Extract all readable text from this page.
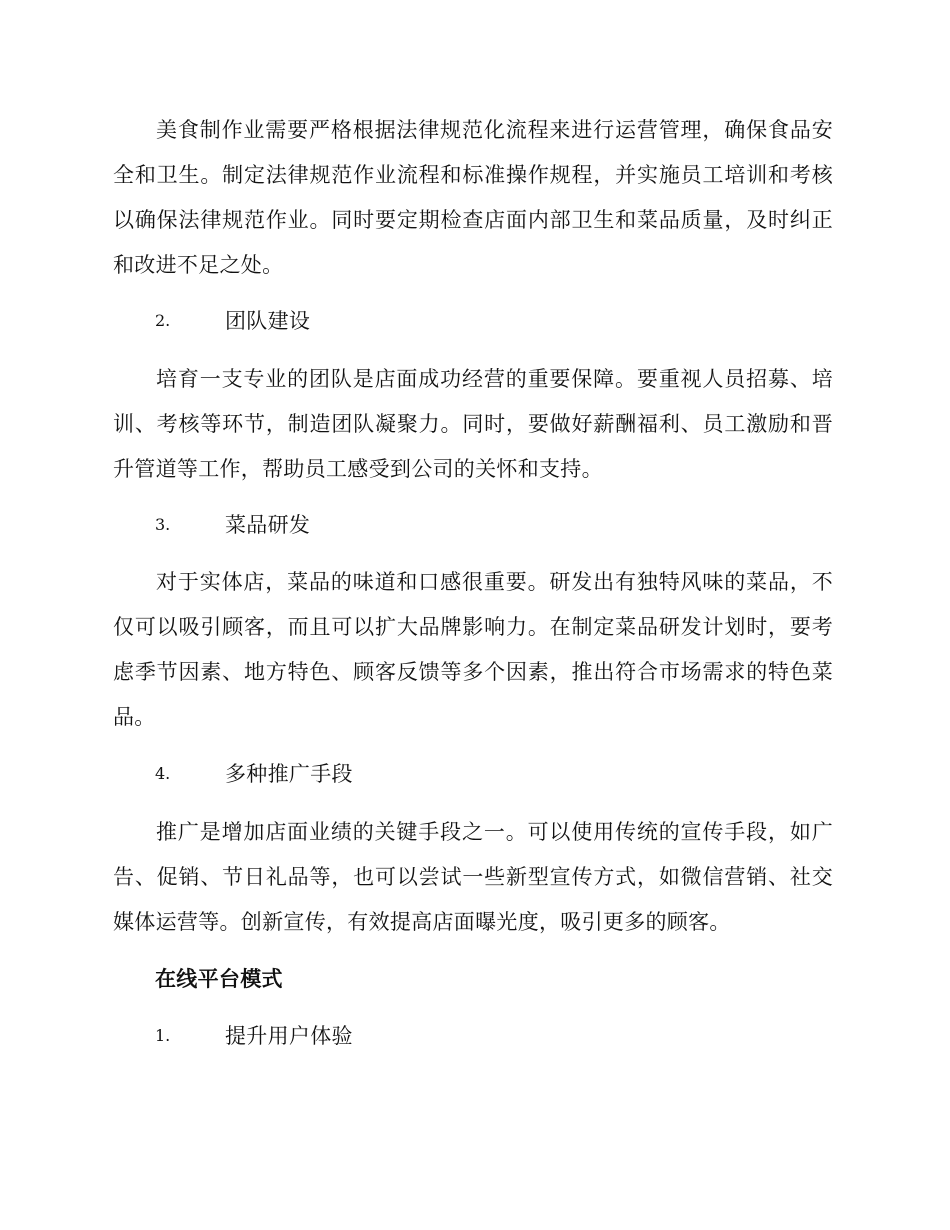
美食制作业需要严格根据法律规范化流程来进行运营管理，确保食品安全和卫生。制定法律规范作业流程和标准操作规程，并实施员工培训和考核以确保法律规范作业。同时要定期检查店面内部卫生和菜品质量，及时纠正和改进不足之处。

2.	团队建设

培育一支专业的团队是店面成功经营的重要保障。要重视人员招募、培训、考核等环节，制造团队凝聚力。同时，要做好薪酬福利、员工激励和晋升管道等工作，帮助员工感受到公司的关怀和支持。

3.	菜品研发

对于实体店，菜品的味道和口感很重要。研发出有独特风味的菜品，不仅可以吸引顾客，而且可以扩大品牌影响力。在制定菜品研发计划时，要考虑季节因素、地方特色、顾客反馈等多个因素，推出符合市场需求的特色菜品。

4.	多种推广手段

推广是增加店面业绩的关键手段之一。可以使用传统的宣传手段，如广告、促销、节日礼品等，也可以尝试一些新型宣传方式，如微信营销、社交媒体运营等。创新宣传，有效提高店面曝光度，吸引更多的顾客。

在线平台模式
1.	提升用户体验
